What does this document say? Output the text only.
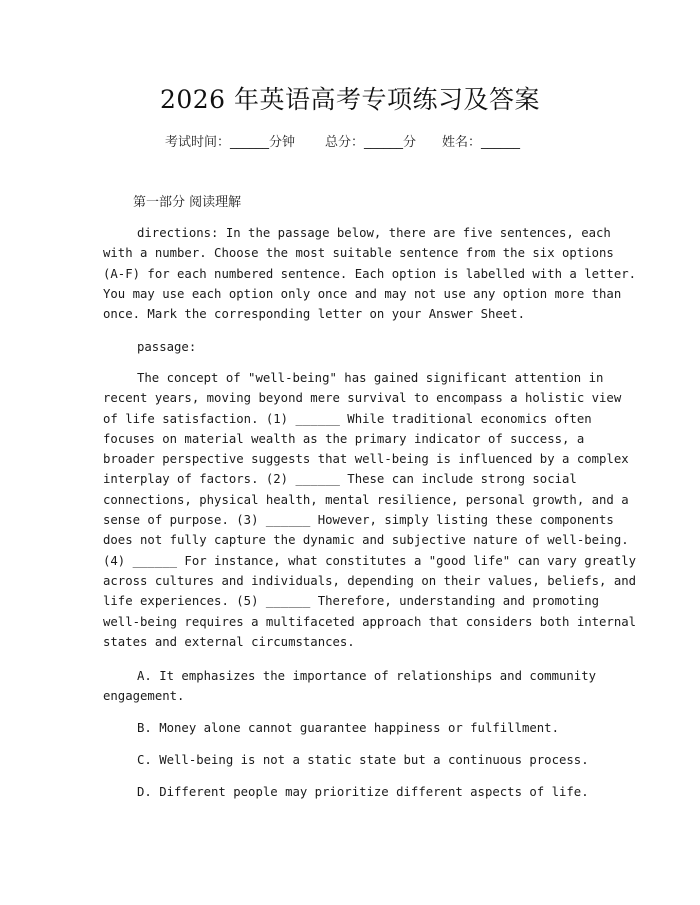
2026 年英语高考专项练习及答案
考试时间：______分钟 总分：______分 姓名：______
第一部分 阅读理解
directions: In the passage below, there are five sentences, each
with a number. Choose the most suitable sentence from the six options
(A-F) for each numbered sentence. Each option is labelled with a letter.
You may use each option only once and may not use any option more than
once. Mark the corresponding letter on your Answer Sheet.
passage:
The concept of "well-being" has gained significant attention in
recent years, moving beyond mere survival to encompass a holistic view
of life satisfaction. (1) ______ While traditional economics often
focuses on material wealth as the primary indicator of success, a
broader perspective suggests that well-being is influenced by a complex
interplay of factors. (2) ______ These can include strong social
connections, physical health, mental resilience, personal growth, and a
sense of purpose. (3) ______ However, simply listing these components
does not fully capture the dynamic and subjective nature of well-being.
(4) ______ For instance, what constitutes a "good life" can vary greatly
across cultures and individuals, depending on their values, beliefs, and
life experiences. (5) ______ Therefore, understanding and promoting
well-being requires a multifaceted approach that considers both internal
states and external circumstances.
A. It emphasizes the importance of relationships and community
engagement.
B. Money alone cannot guarantee happiness or fulfillment.
C. Well-being is not a static state but a continuous process.
D. Different people may prioritize different aspects of life.
